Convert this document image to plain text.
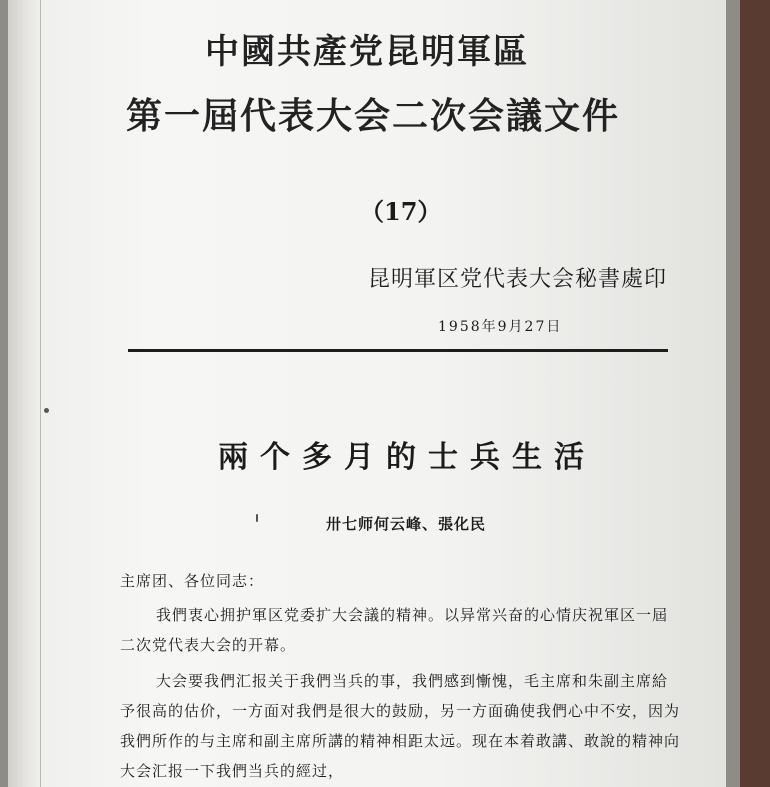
中國共產党昆明軍區
第一屆代表大会二次会議文件
（17）
昆明軍区党代表大会秘書處印
1958年9月27日
兩个多月的士兵生活
卅七师何云峰、張化民
主席团、各位同志：
我們衷心拥护軍区党委扩大会議的精神。以异常兴奋的心情庆祝軍区一屆二次党代表大会的开幕。
大会要我們汇报关于我們当兵的事，我們感到慚愧，毛主席和朱副主席給予很高的估价，一方面对我們是很大的鼓励，另一方面确使我們心中不安，因为我們所作的与主席和副主席所講的精神相距太远。现在本着敢講、敢說的精神向大会汇报一下我們当兵的經过，
